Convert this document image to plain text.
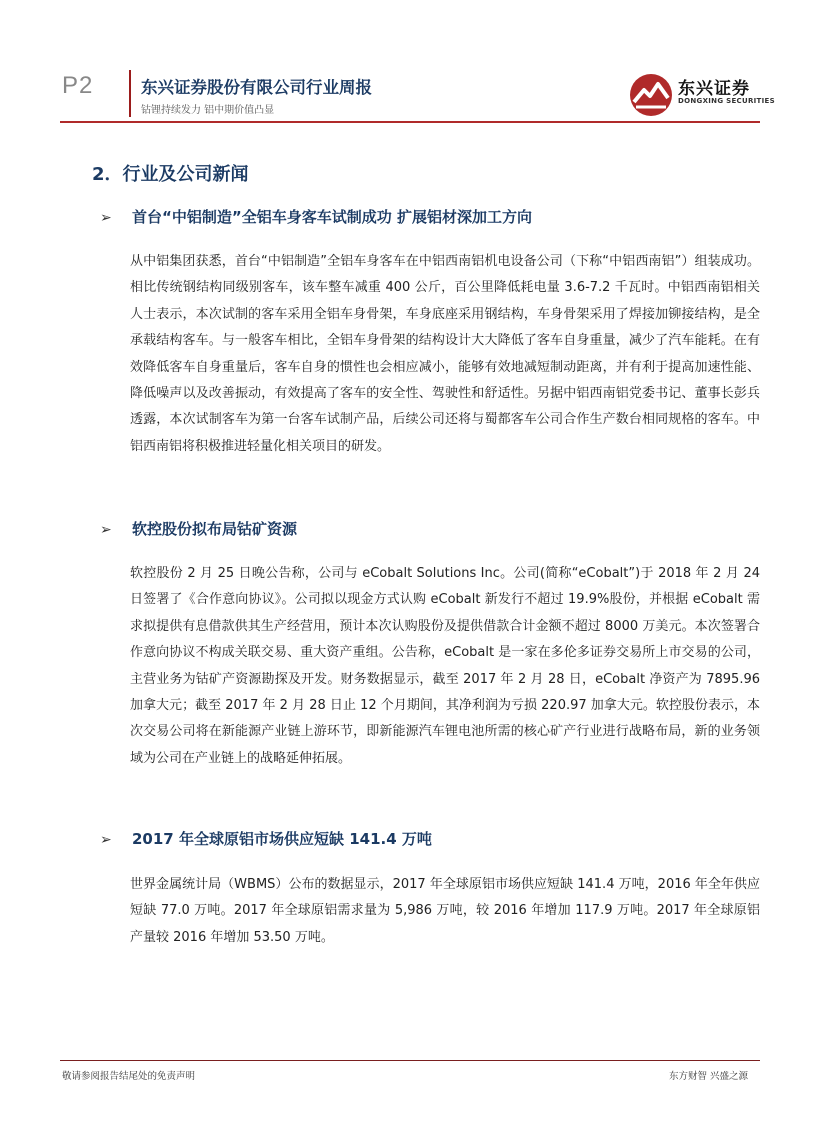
P2	东兴证券股份有限公司行业周报
钴锂持续发力 铝中期价值凸显
东兴证券
DONGXING SECURITIES
2．行业及公司新闻
➢ 首台“中铝制造”全铝车身客车试制成功 扩展铝材深加工方向
从中铝集团获悉，首台“中铝制造”全铝车身客车在中铝西南铝机电设备公司（下称“中铝西南铝”）组装成功。相比传统钢结构同级别客车，该车整车减重 400 公斤，百公里降低耗电量 3.6-7.2 千瓦时。中铝西南铝相关人士表示，本次试制的客车采用全铝车身骨架，车身底座采用钢结构，车身骨架采用了焊接加铆接结构，是全承载结构客车。与一般客车相比，全铝车身骨架的结构设计大大降低了客车自身重量，减少了汽车能耗。在有效降低客车自身重量后，客车自身的惯性也会相应减小，能够有效地减短制动距离，并有利于提高加速性能、降低噪声以及改善振动，有效提高了客车的安全性、驾驶性和舒适性。另据中铝西南铝党委书记、董事长彭兵透露，本次试制客车为第一台客车试制产品，后续公司还将与蜀都客车公司合作生产数台相同规格的客车。中铝西南铝将积极推进轻量化相关项目的研发。
➢ 软控股份拟布局钴矿资源
软控股份 2 月 25 日晚公告称，公司与 eCobalt Solutions Inc。公司(简称“eCobalt”)于 2018 年 2 月 24 日签署了《合作意向协议》。公司拟以现金方式认购 eCobalt 新发行不超过 19.9%股份，并根据 eCobalt 需求拟提供有息借款供其生产经营用，预计本次认购股份及提供借款合计金额不超过 8000 万美元。本次签署合作意向协议不构成关联交易、重大资产重组。公告称，eCobalt 是一家在多伦多证券交易所上市交易的公司，主营业务为钴矿产资源勘探及开发。财务数据显示，截至 2017 年 2 月 28 日，eCobalt 净资产为 7895.96 加拿大元；截至 2017 年 2 月 28 日止 12 个月期间，其净利润为亏损 220.97 加拿大元。软控股份表示，本次交易公司将在新能源产业链上游环节，即新能源汽车锂电池所需的核心矿产行业进行战略布局，新的业务领域为公司在产业链上的战略延伸拓展。
➢ 2017 年全球原铝市场供应短缺 141.4 万吨
世界金属统计局（WBMS）公布的数据显示，2017 年全球原铝市场供应短缺 141.4 万吨，2016 年全年供应短缺 77.0 万吨。2017 年全球原铝需求量为 5,986 万吨，较 2016 年增加 117.9 万吨。2017 年全球原铝产量较 2016 年增加 53.50 万吨。
敬请参阅报告结尾处的免责声明	东方财智 兴盛之源
